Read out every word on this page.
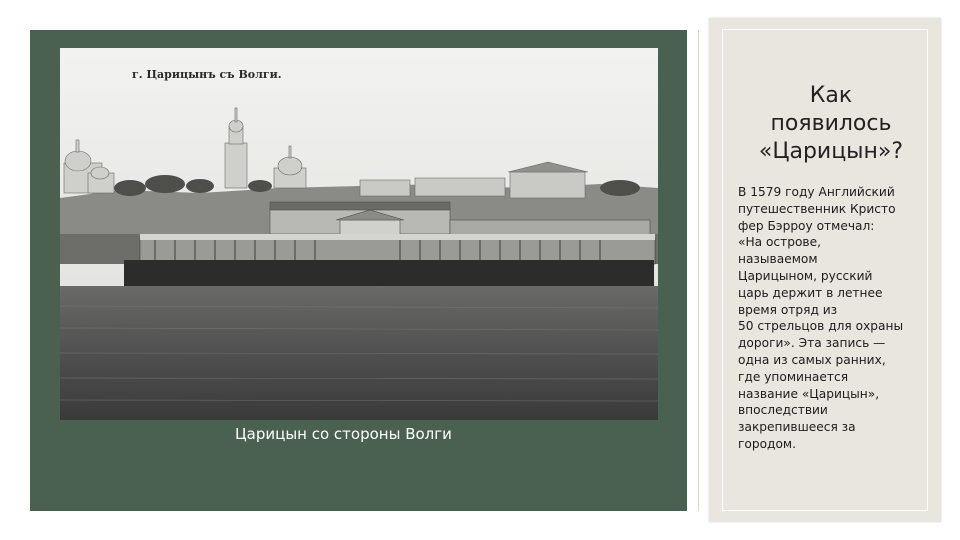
г. Царицынъ съ Волги.
Царицын со стороны Волги
Как
появилось
«Царицын»?
В 1579 году Английский
путешественник Кристо
фер Бэрроу отмечал:
«На острове,
называемом
Царицыном, русский
царь держит в летнее
время отряд из
50 стрельцов для охраны
дороги». Эта запись —
одна из самых ранних,
где упоминается
название «Царицын»,
впоследствии
закрепившееся за
городом.
